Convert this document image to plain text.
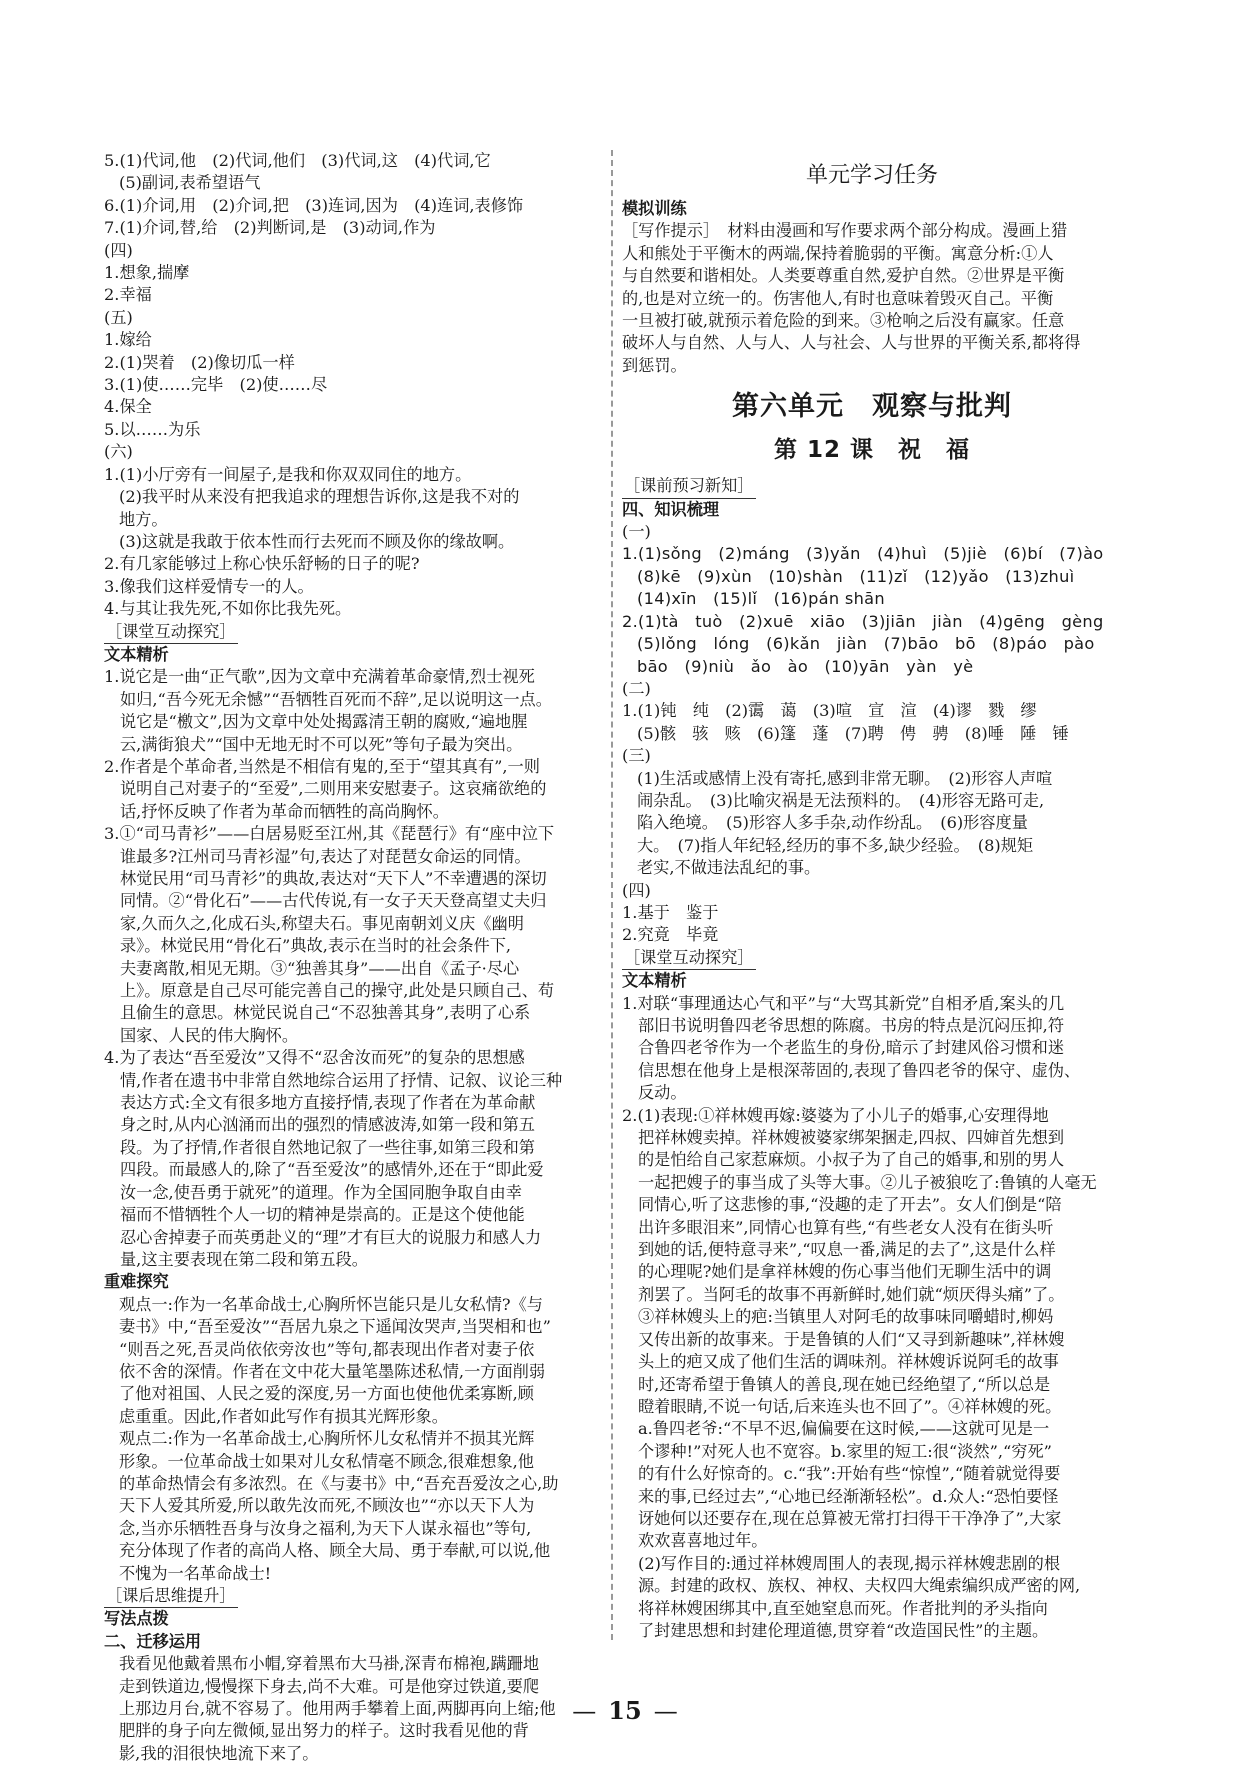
5.(1)代词,他　(2)代词,他们　(3)代词,这　(4)代词,它
(5)副词,表希望语气
6.(1)介词,用　(2)介词,把　(3)连词,因为　(4)连词,表修饰
7.(1)介词,替,给　(2)判断词,是　(3)动词,作为
(四)
1.想象,揣摩
2.幸福
(五)
1.嫁给
2.(1)哭着　(2)像切瓜一样
3.(1)使……完毕　(2)使……尽
4.保全
5.以……为乐
(六)
1.(1)小厅旁有一间屋子,是我和你双双同住的地方。
(2)我平时从来没有把我追求的理想告诉你,这是我不对的
地方。
(3)这就是我敢于依本性而行去死而不顾及你的缘故啊。
2.有几家能够过上称心快乐舒畅的日子的呢?
3.像我们这样爱情专一的人。
4.与其让我先死,不如你比我先死。
［课堂互动探究］
文本精析
1.说它是一曲“正气歌”,因为文章中充满着革命豪情,烈士视死
如归,“吾今死无余憾”“吾牺牲百死而不辞”,足以说明这一点。
说它是“檄文”,因为文章中处处揭露清王朝的腐败,“遍地腥
云,满街狼犬”“国中无地无时不可以死”等句子最为突出。
2.作者是个革命者,当然是不相信有鬼的,至于“望其真有”,一则
说明自己对妻子的“至爱”,二则用来安慰妻子。这哀痛欲绝的
话,抒怀反映了作者为革命而牺牲的高尚胸怀。
3.①“司马青衫”——白居易贬至江州,其《琵琶行》有“座中泣下
谁最多?江州司马青衫湿”句,表达了对琵琶女命运的同情。
林觉民用“司马青衫”的典故,表达对“天下人”不幸遭遇的深切
同情。②“骨化石”——古代传说,有一女子天天登高望丈夫归
家,久而久之,化成石头,称望夫石。事见南朝刘义庆《幽明
录》。林觉民用“骨化石”典故,表示在当时的社会条件下,
夫妻离散,相见无期。③“独善其身”——出自《孟子·尽心
上》。原意是自己尽可能完善自己的操守,此处是只顾自己、苟
且偷生的意思。林觉民说自己“不忍独善其身”,表明了心系
国家、人民的伟大胸怀。
4.为了表达“吾至爱汝”又得不“忍舍汝而死”的复杂的思想感
情,作者在遗书中非常自然地综合运用了抒情、记叙、议论三种
表达方式:全文有很多地方直接抒情,表现了作者在为革命献
身之时,从内心汹涌而出的强烈的情感波涛,如第一段和第五
段。为了抒情,作者很自然地记叙了一些往事,如第三段和第
四段。而最感人的,除了“吾至爱汝”的感情外,还在于“即此爱
汝一念,使吾勇于就死”的道理。作为全国同胞争取自由幸
福而不惜牺牲个人一切的精神是崇高的。正是这个使他能
忍心舍掉妻子而英勇赴义的“理”才有巨大的说服力和感人力
量,这主要表现在第二段和第五段。
重难探究
观点一:作为一名革命战士,心胸所怀岂能只是儿女私情?《与
妻书》中,“吾至爱汝”“吾居九泉之下遥闻汝哭声,当哭相和也”
“则吾之死,吾灵尚依依旁汝也”等句,都表现出作者对妻子依
依不舍的深情。作者在文中花大量笔墨陈述私情,一方面削弱
了他对祖国、人民之爱的深度,另一方面也使他优柔寡断,顾
虑重重。因此,作者如此写作有损其光辉形象。
观点二:作为一名革命战士,心胸所怀儿女私情并不损其光辉
形象。一位革命战士如果对儿女私情毫不顾念,很难想象,他
的革命热情会有多浓烈。在《与妻书》中,“吾充吾爱汝之心,助
天下人爱其所爱,所以敢先汝而死,不顾汝也”“亦以天下人为
念,当亦乐牺牲吾身与汝身之福利,为天下人谋永福也”等句,
充分体现了作者的高尚人格、顾全大局、勇于奉献,可以说,他
不愧为一名革命战士!
［课后思维提升］
写法点拨
二、迁移运用
我看见他戴着黑布小帽,穿着黑布大马褂,深青布棉袍,蹒跚地
走到铁道边,慢慢探下身去,尚不大难。可是他穿过铁道,要爬
上那边月台,就不容易了。他用两手攀着上面,两脚再向上缩;他
肥胖的身子向左微倾,显出努力的样子。这时我看见他的背
影,我的泪很快地流下来了。
单元学习任务
模拟训练
［写作提示］　材料由漫画和写作要求两个部分构成。漫画上猎
人和熊处于平衡木的两端,保持着脆弱的平衡。寓意分析:①人
与自然要和谐相处。人类要尊重自然,爱护自然。②世界是平衡
的,也是对立统一的。伤害他人,有时也意味着毁灭自己。平衡
一旦被打破,就预示着危险的到来。③枪响之后没有赢家。任意
破坏人与自然、人与人、人与社会、人与世界的平衡关系,都将得
到惩罚。
第六单元　观察与批判
第 12 课　祝　福
［课前预习新知］
四、知识梳理
(一)
1.(1)sǒng　(2)máng　(3)yǎn　(4)huì　(5)jiè　(6)bí　(7)ào
(8)kē　(9)xùn　(10)shàn　(11)zǐ　(12)yǎo　(13)zhuì
(14)xīn　(15)lǐ　(16)pán shān
2.(1)tà　tuò　(2)xuē　xiāo　(3)jiān　jiàn　(4)gēng　gèng
(5)lǒng　lóng　(6)kǎn　jiàn　(7)bāo　bō　(8)páo　pào
bāo　(9)niù　ǎo　ào　(10)yān　yàn　yè
(二)
1.(1)钝　纯　(2)霭　蔼　(3)喧　宣　渲　(4)谬　戮　缪
(5)骸　骇　赅　(6)篷　蓬　(7)聘　俜　骋　(8)唾　陲　锤
(三)
(1)生活或感情上没有寄托,感到非常无聊。　(2)形容人声喧
闹杂乱。　(3)比喻灾祸是无法预料的。　(4)形容无路可走,
陷入绝境。　(5)形容人多手杂,动作纷乱。　(6)形容度量
大。　(7)指人年纪轻,经历的事不多,缺少经验。　(8)规矩
老实,不做违法乱纪的事。
(四)
1.基于　鉴于
2.究竟　毕竟
［课堂互动探究］
文本精析
1.对联“事理通达心气和平”与“大骂其新党”自相矛盾,案头的几
部旧书说明鲁四老爷思想的陈腐。书房的特点是沉闷压抑,符
合鲁四老爷作为一个老监生的身份,暗示了封建风俗习惯和迷
信思想在他身上是根深蒂固的,表现了鲁四老爷的保守、虚伪、
反动。
2.(1)表现:①祥林嫂再嫁:婆婆为了小儿子的婚事,心安理得地
把祥林嫂卖掉。祥林嫂被婆家绑架捆走,四叔、四婶首先想到
的是怕给自己家惹麻烦。小叔子为了自己的婚事,和别的男人
一起把嫂子的事当成了头等大事。②儿子被狼吃了:鲁镇的人毫无
同情心,听了这悲惨的事,“没趣的走了开去”。女人们倒是“陪
出许多眼泪来”,同情心也算有些,“有些老女人没有在街头听
到她的话,便特意寻来”,“叹息一番,满足的去了”,这是什么样
的心理呢?她们是拿祥林嫂的伤心事当他们无聊生活中的调
剂罢了。当阿毛的故事不再新鲜时,她们就“烦厌得头痛”了。
③祥林嫂头上的疤:当镇里人对阿毛的故事味同嚼蜡时,柳妈
又传出新的故事来。于是鲁镇的人们“又寻到新趣味”,祥林嫂
头上的疤又成了他们生活的调味剂。祥林嫂诉说阿毛的故事
时,还寄希望于鲁镇人的善良,现在她已经绝望了,“所以总是
瞪着眼睛,不说一句话,后来连头也不回了”。④祥林嫂的死。
a.鲁四老爷:“不早不迟,偏偏要在这时候,——这就可见是一
个谬种!”对死人也不宽容。b.家里的短工:很“淡然”,“穷死”
的有什么好惊奇的。c.“我”:开始有些“惊惶”,“随着就觉得要
来的事,已经过去”,“心地已经渐渐轻松”。d.众人:“恐怕要怪
讶她何以还要存在,现在总算被无常打扫得干干净净了”,大家
欢欢喜喜地过年。
(2)写作目的:通过祥林嫂周围人的表现,揭示祥林嫂悲剧的根
源。封建的政权、族权、神权、夫权四大绳索编织成严密的网,
将祥林嫂困绑其中,直至她窒息而死。作者批判的矛头指向
了封建思想和封建伦理道德,贯穿着“改造国民性”的主题。
— 15 —
